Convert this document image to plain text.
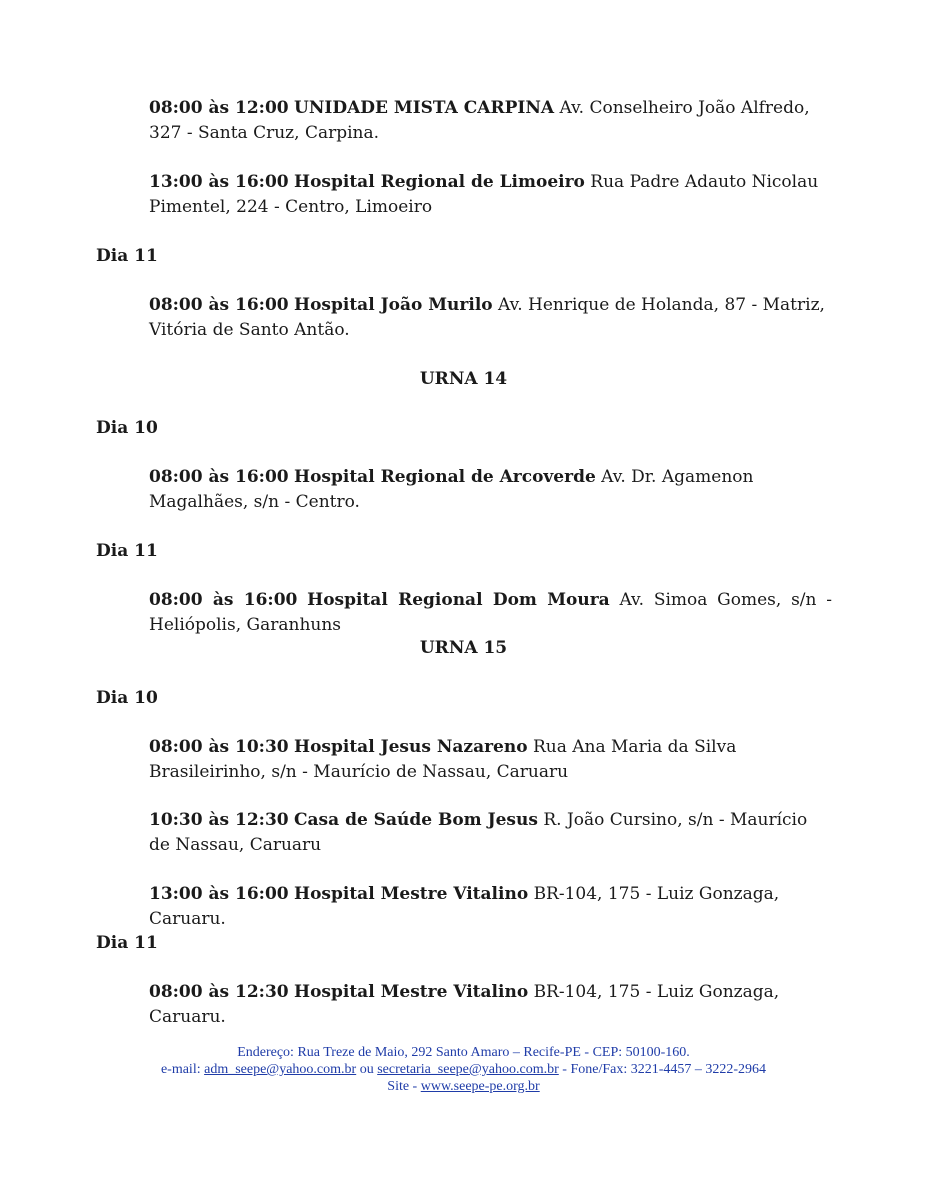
08:00 às 12:00 UNIDADE MISTA CARPINA Av. Conselheiro João Alfredo, 327 - Santa Cruz, Carpina.

13:00 às 16:00 Hospital Regional de Limoeiro Rua Padre Adauto Nicolau Pimentel, 224 - Centro, Limoeiro

Dia 11

08:00 às 16:00 Hospital João Murilo Av. Henrique de Holanda, 87 - Matriz, Vitória de Santo Antão.

URNA 14

Dia 10

08:00 às 16:00 Hospital Regional de Arcoverde Av. Dr. Agamenon Magalhães, s/n - Centro.

Dia 11

08:00 às 16:00 Hospital Regional Dom Moura Av. Simoa Gomes, s/n - Heliópolis, Garanhuns

URNA 15

Dia 10

08:00 às 10:30 Hospital Jesus Nazareno Rua Ana Maria da Silva Brasileirinho, s/n - Maurício de Nassau, Caruaru

10:30 às 12:30 Casa de Saúde Bom Jesus R. João Cursino, s/n - Maurício de Nassau, Caruaru

13:00 às 16:00 Hospital Mestre Vitalino BR-104, 175 - Luiz Gonzaga, Caruaru.

Dia 11

08:00 às 12:30 Hospital Mestre Vitalino BR-104, 175 - Luiz Gonzaga, Caruaru.

Endereço: Rua Treze de Maio, 292 Santo Amaro – Recife-PE - CEP: 50100-160.
e-mail: adm_seepe@yahoo.com.br ou secretaria_seepe@yahoo.com.br - Fone/Fax: 3221-4457 – 3222-2964
Site - www.seepe-pe.org.br
